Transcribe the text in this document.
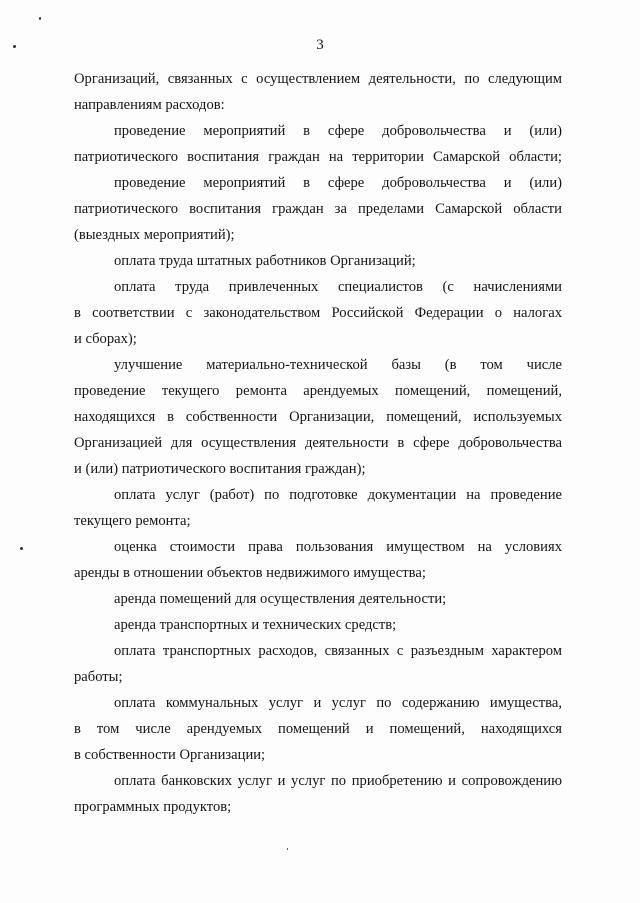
3

Организаций, связанных с осуществлением деятельности, по следующим
направлениям расходов:

проведение мероприятий в сфере добровольчества и (или)
патриотического воспитания граждан на территории Самарской области;

проведение мероприятий в сфере добровольчества и (или)
патриотического воспитания граждан за пределами Самарской области
(выездных мероприятий);

оплата труда штатных работников Организаций;

оплата труда привлеченных специалистов (с начислениями
в соответствии с законодательством Российской Федерации о налогах
и сборах);

улучшение материально-технической базы (в том числе
проведение текущего ремонта арендуемых помещений, помещений,
находящихся в собственности Организации, помещений, используемых
Организацией для осуществления деятельности в сфере добровольчества
и (или) патриотического воспитания граждан);

оплата услуг (работ) по подготовке документации на проведение
текущего ремонта;

оценка стоимости права пользования имуществом на условиях
аренды в отношении объектов недвижимого имущества;

аренда помещений для осуществления деятельности;

аренда транспортных и технических средств;

оплата транспортных расходов, связанных с разъездным характером
работы;

оплата коммунальных услуг и услуг по содержанию имущества,
в том числе арендуемых помещений и помещений, находящихся
в собственности Организации;

оплата банковских услуг и услуг по приобретению и сопровождению
программных продуктов;
